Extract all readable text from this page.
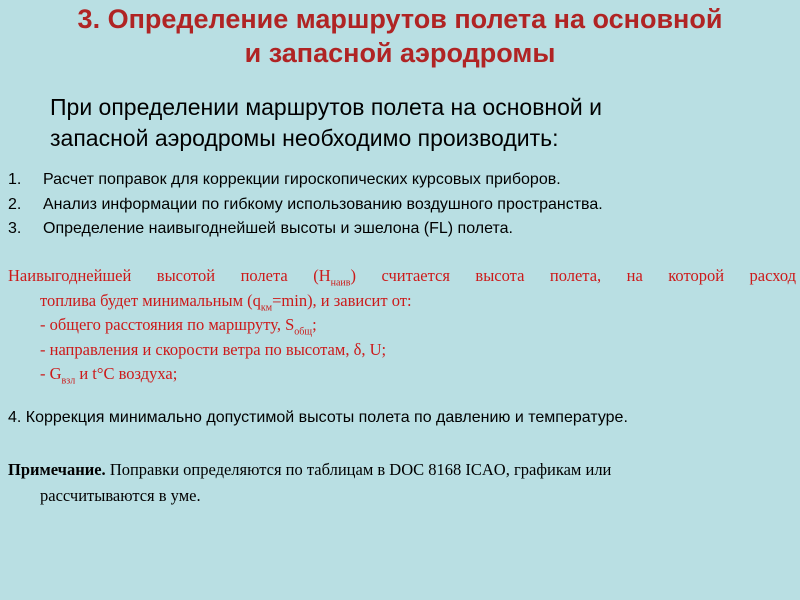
3. Определение маршрутов полета на основной
и запасной аэродромы

При определении маршрутов полета на основной и
запасной аэродромы необходимо производить:

1. Расчет поправок для коррекции гироскопических курсовых приборов.
2. Анализ информации по гибкому использованию воздушного пространства.
3. Определение наивыгоднейшей высоты и эшелона (FL) полета.

Наивыгоднейшей высотой полета $(Н_{наив})$ считается высота полета, на которой расход

топлива будет минимальным $(q_{км}=\min)$, и зависит от:

- общего расстояния по маршруту, $S_{общ}$;

- направления и скорости ветра по высотам, δ, U;

- $G_{взл}$ и t°C воздуха;

4. Коррекция минимально допустимой высоты полета по давлению и температуре.

Примечание. Поправки определяются по таблицам в DOC 8168 ICAO, графикам или

рассчитываются в уме.
